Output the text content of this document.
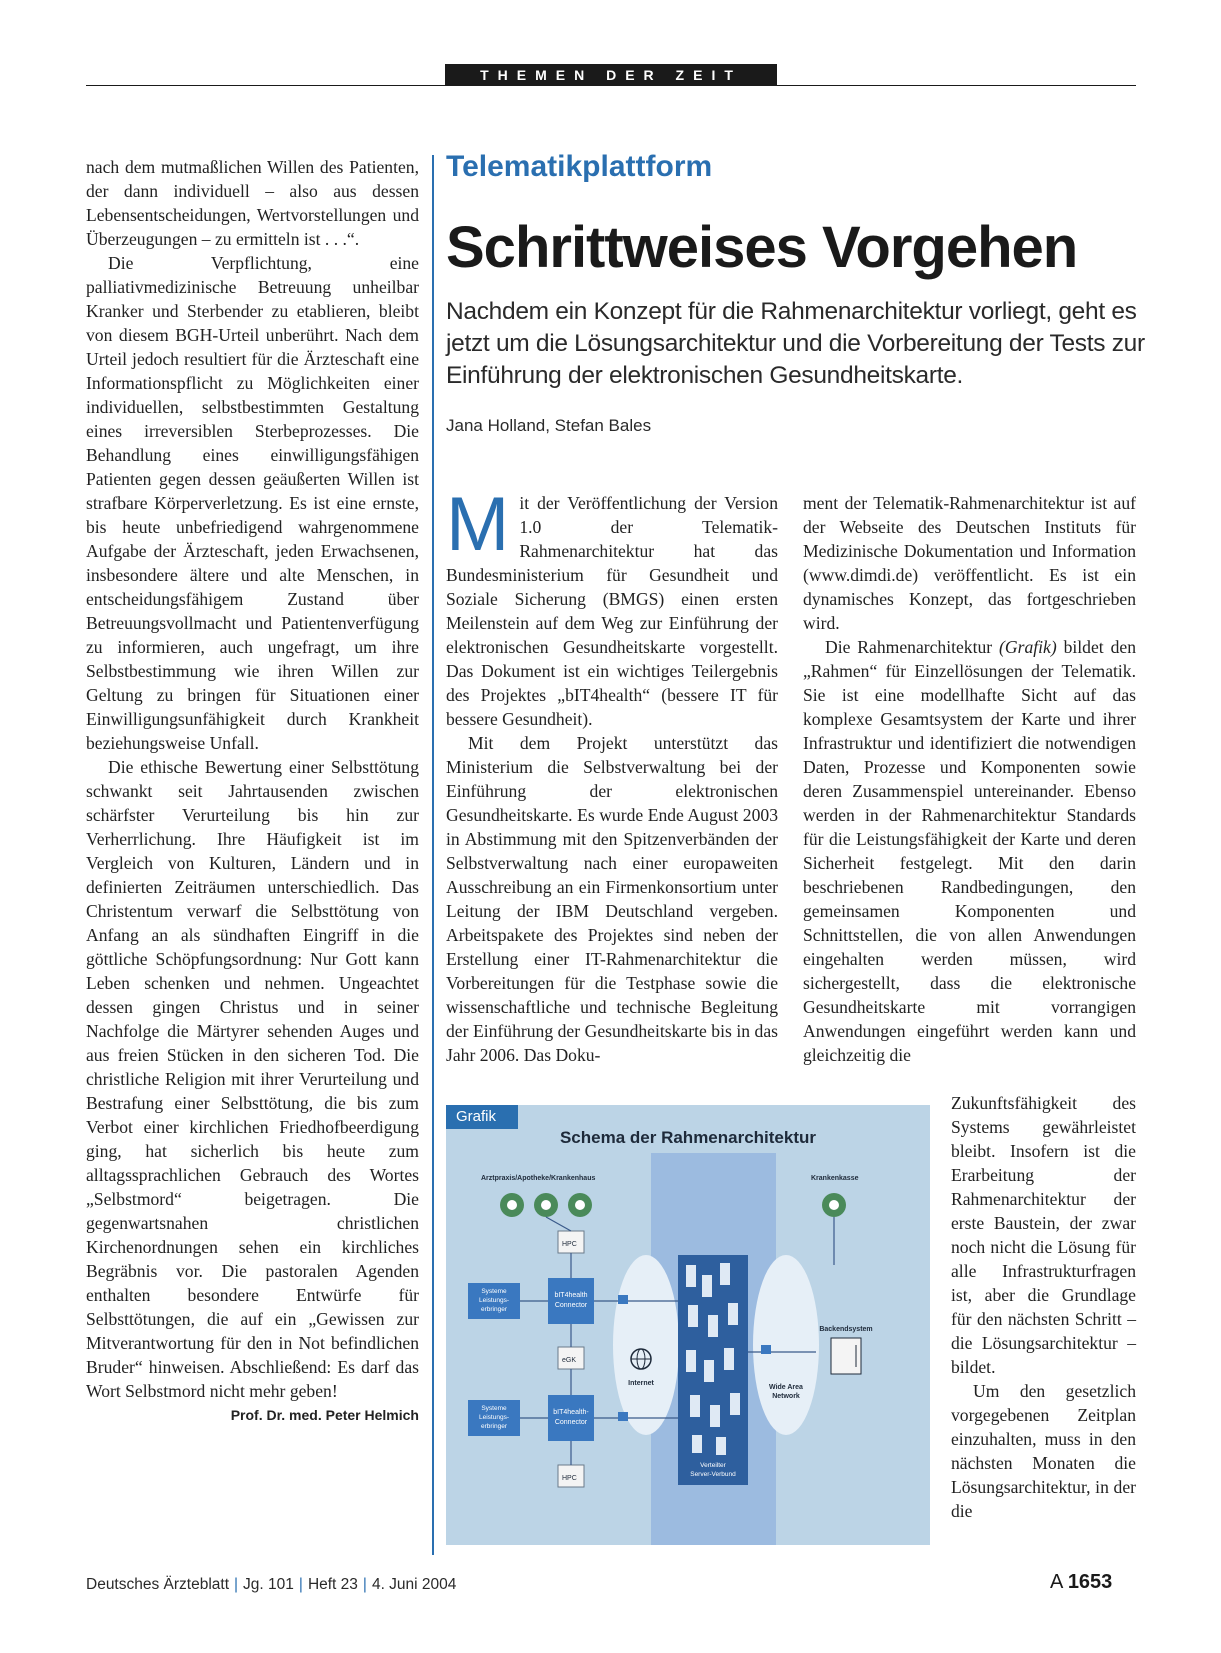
THEMEN DER ZEIT

nach dem mutmaßlichen Willen des Patienten, der dann individuell – also aus dessen Lebensentscheidungen, Wertvorstellungen und Überzeugungen – zu ermitteln ist . . .“.

Die Verpflichtung, eine palliativmedizinische Betreuung unheilbar Kranker und Sterbender zu etablieren, bleibt von diesem BGH-Urteil unberührt. Nach dem Urteil jedoch resultiert für die Ärzteschaft eine Informationspflicht zu Möglichkeiten einer individuellen, selbstbestimmten Gestaltung eines irreversiblen Sterbeprozesses. Die Behandlung eines einwilligungsfähigen Patienten gegen dessen geäußerten Willen ist strafbare Körperverletzung. Es ist eine ernste, bis heute unbefriedigend wahrgenommene Aufgabe der Ärzteschaft, jeden Erwachsenen, insbesondere ältere und alte Menschen, in entscheidungsfähigem Zustand über Betreuungsvollmacht und Patientenverfügung zu informieren, auch ungefragt, um ihre Selbstbestimmung wie ihren Willen zur Geltung zu bringen für Situationen einer Einwilligungsunfähigkeit durch Krankheit beziehungsweise Unfall.

Die ethische Bewertung einer Selbsttötung schwankt seit Jahrtausenden zwischen schärfster Verurteilung bis hin zur Verherrlichung. Ihre Häufigkeit ist im Vergleich von Kulturen, Ländern und in definierten Zeiträumen unterschiedlich. Das Christentum verwarf die Selbsttötung von Anfang an als sündhaften Eingriff in die göttliche Schöpfungsordnung: Nur Gott kann Leben schenken und nehmen. Ungeachtet dessen gingen Christus und in seiner Nachfolge die Märtyrer sehenden Auges und aus freien Stücken in den sicheren Tod. Die christliche Religion mit ihrer Verurteilung und Bestrafung einer Selbsttötung, die bis zum Verbot einer kirchlichen Friedhofbeerdigung ging, hat sicherlich bis heute zum alltagssprachlichen Gebrauch des Wortes „Selbstmord“ beigetragen. Die gegenwartsnahen christlichen Kirchenordnungen sehen ein kirchliches Begräbnis vor. Die pastoralen Agenden enthalten besondere Entwürfe für Selbsttötungen, die auf ein „Gewissen zur Mitverantwortung für den in Not befindlichen Bruder“ hinweisen. Abschließend: Es darf das Wort Selbstmord nicht mehr geben!
Prof. Dr. med. Peter Helmich

Telematikplattform
Schrittweises Vorgehen
Nachdem ein Konzept für die Rahmenarchitektur vorliegt, geht es jetzt um die Lösungsarchitektur und die Vorbereitung der Tests zur Einführung der elektronischen Gesundheitskarte.
Jana Holland, Stefan Bales

Mit der Veröffentlichung der Version 1.0 der Telematik-Rahmenarchitektur hat das Bundesministerium für Gesundheit und Soziale Sicherung (BMGS) einen ersten Meilenstein auf dem Weg zur Einführung der elektronischen Gesundheitskarte vorgestellt. Das Dokument ist ein wichtiges Teilergebnis des Projektes „bIT4health“ (bessere IT für bessere Gesundheit).

Mit dem Projekt unterstützt das Ministerium die Selbstverwaltung bei der Einführung der elektronischen Gesundheitskarte. Es wurde Ende August 2003 in Abstimmung mit den Spitzenverbänden der Selbstverwaltung nach einer europaweiten Ausschreibung an ein Firmenkonsortium unter Leitung der IBM Deutschland vergeben. Arbeitspakete des Projektes sind neben der Erstellung einer IT-Rahmenarchitektur die Vorbereitungen für die Testphase sowie die wissenschaftliche und technische Begleitung der Einführung der Gesundheitskarte bis in das Jahr 2006. Das Doku-

ment der Telematik-Rahmenarchitektur ist auf der Webseite des Deutschen Instituts für Medizinische Dokumentation und Information (www.dimdi.de) veröffentlicht. Es ist ein dynamisches Konzept, das fortgeschrieben wird.

Die Rahmenarchitektur (Grafik) bildet den „Rahmen“ für Einzellösungen der Telematik. Sie ist eine modellhafte Sicht auf das komplexe Gesamtsystem der Karte und ihrer Infrastruktur und identifiziert die notwendigen Daten, Prozesse und Komponenten sowie deren Zusammenspiel untereinander. Ebenso werden in der Rahmenarchitektur Standards für die Leistungsfähigkeit der Karte und deren Sicherheit festgelegt. Mit den darin beschriebenen Randbedingungen, den gemeinsamen Komponenten und Schnittstellen, die von allen Anwendungen eingehalten werden müssen, wird sichergestellt, dass die elektronische Gesundheitskarte mit vorrangigen Anwendungen eingeführt werden kann und gleichzeitig die

Zukunftsfähigkeit des Systems gewährleistet bleibt. Insofern ist die Erarbeitung der Rahmenarchitektur der erste Baustein, der zwar noch nicht die Lösung für alle Infrastrukturfragen ist, aber die Grundlage für den nächsten Schritt – die Lösungsarchitektur – bildet.

Um den gesetzlich vorgegebenen Zeitplan einzuhalten, muss in den nächsten Monaten die Lösungsarchitektur, in der die

Arztpraxis/Apotheke/Krankenhaus	Krankenkasse
HPC
Systeme
Leistungs-
erbringer
Systeme
Leistungs-
erbringer
bIT4health
Connector
bIT4health-
Connector
eGK
HPC
Internet
Verteilter
Server-Verbund
Wide Area
Network
Backendsystem
Grafik
Schema der Rahmenarchitektur
Deutsches Ärzteblatt | Jg. 101 | Heft 23 | 4. Juni 2004	A 1653
